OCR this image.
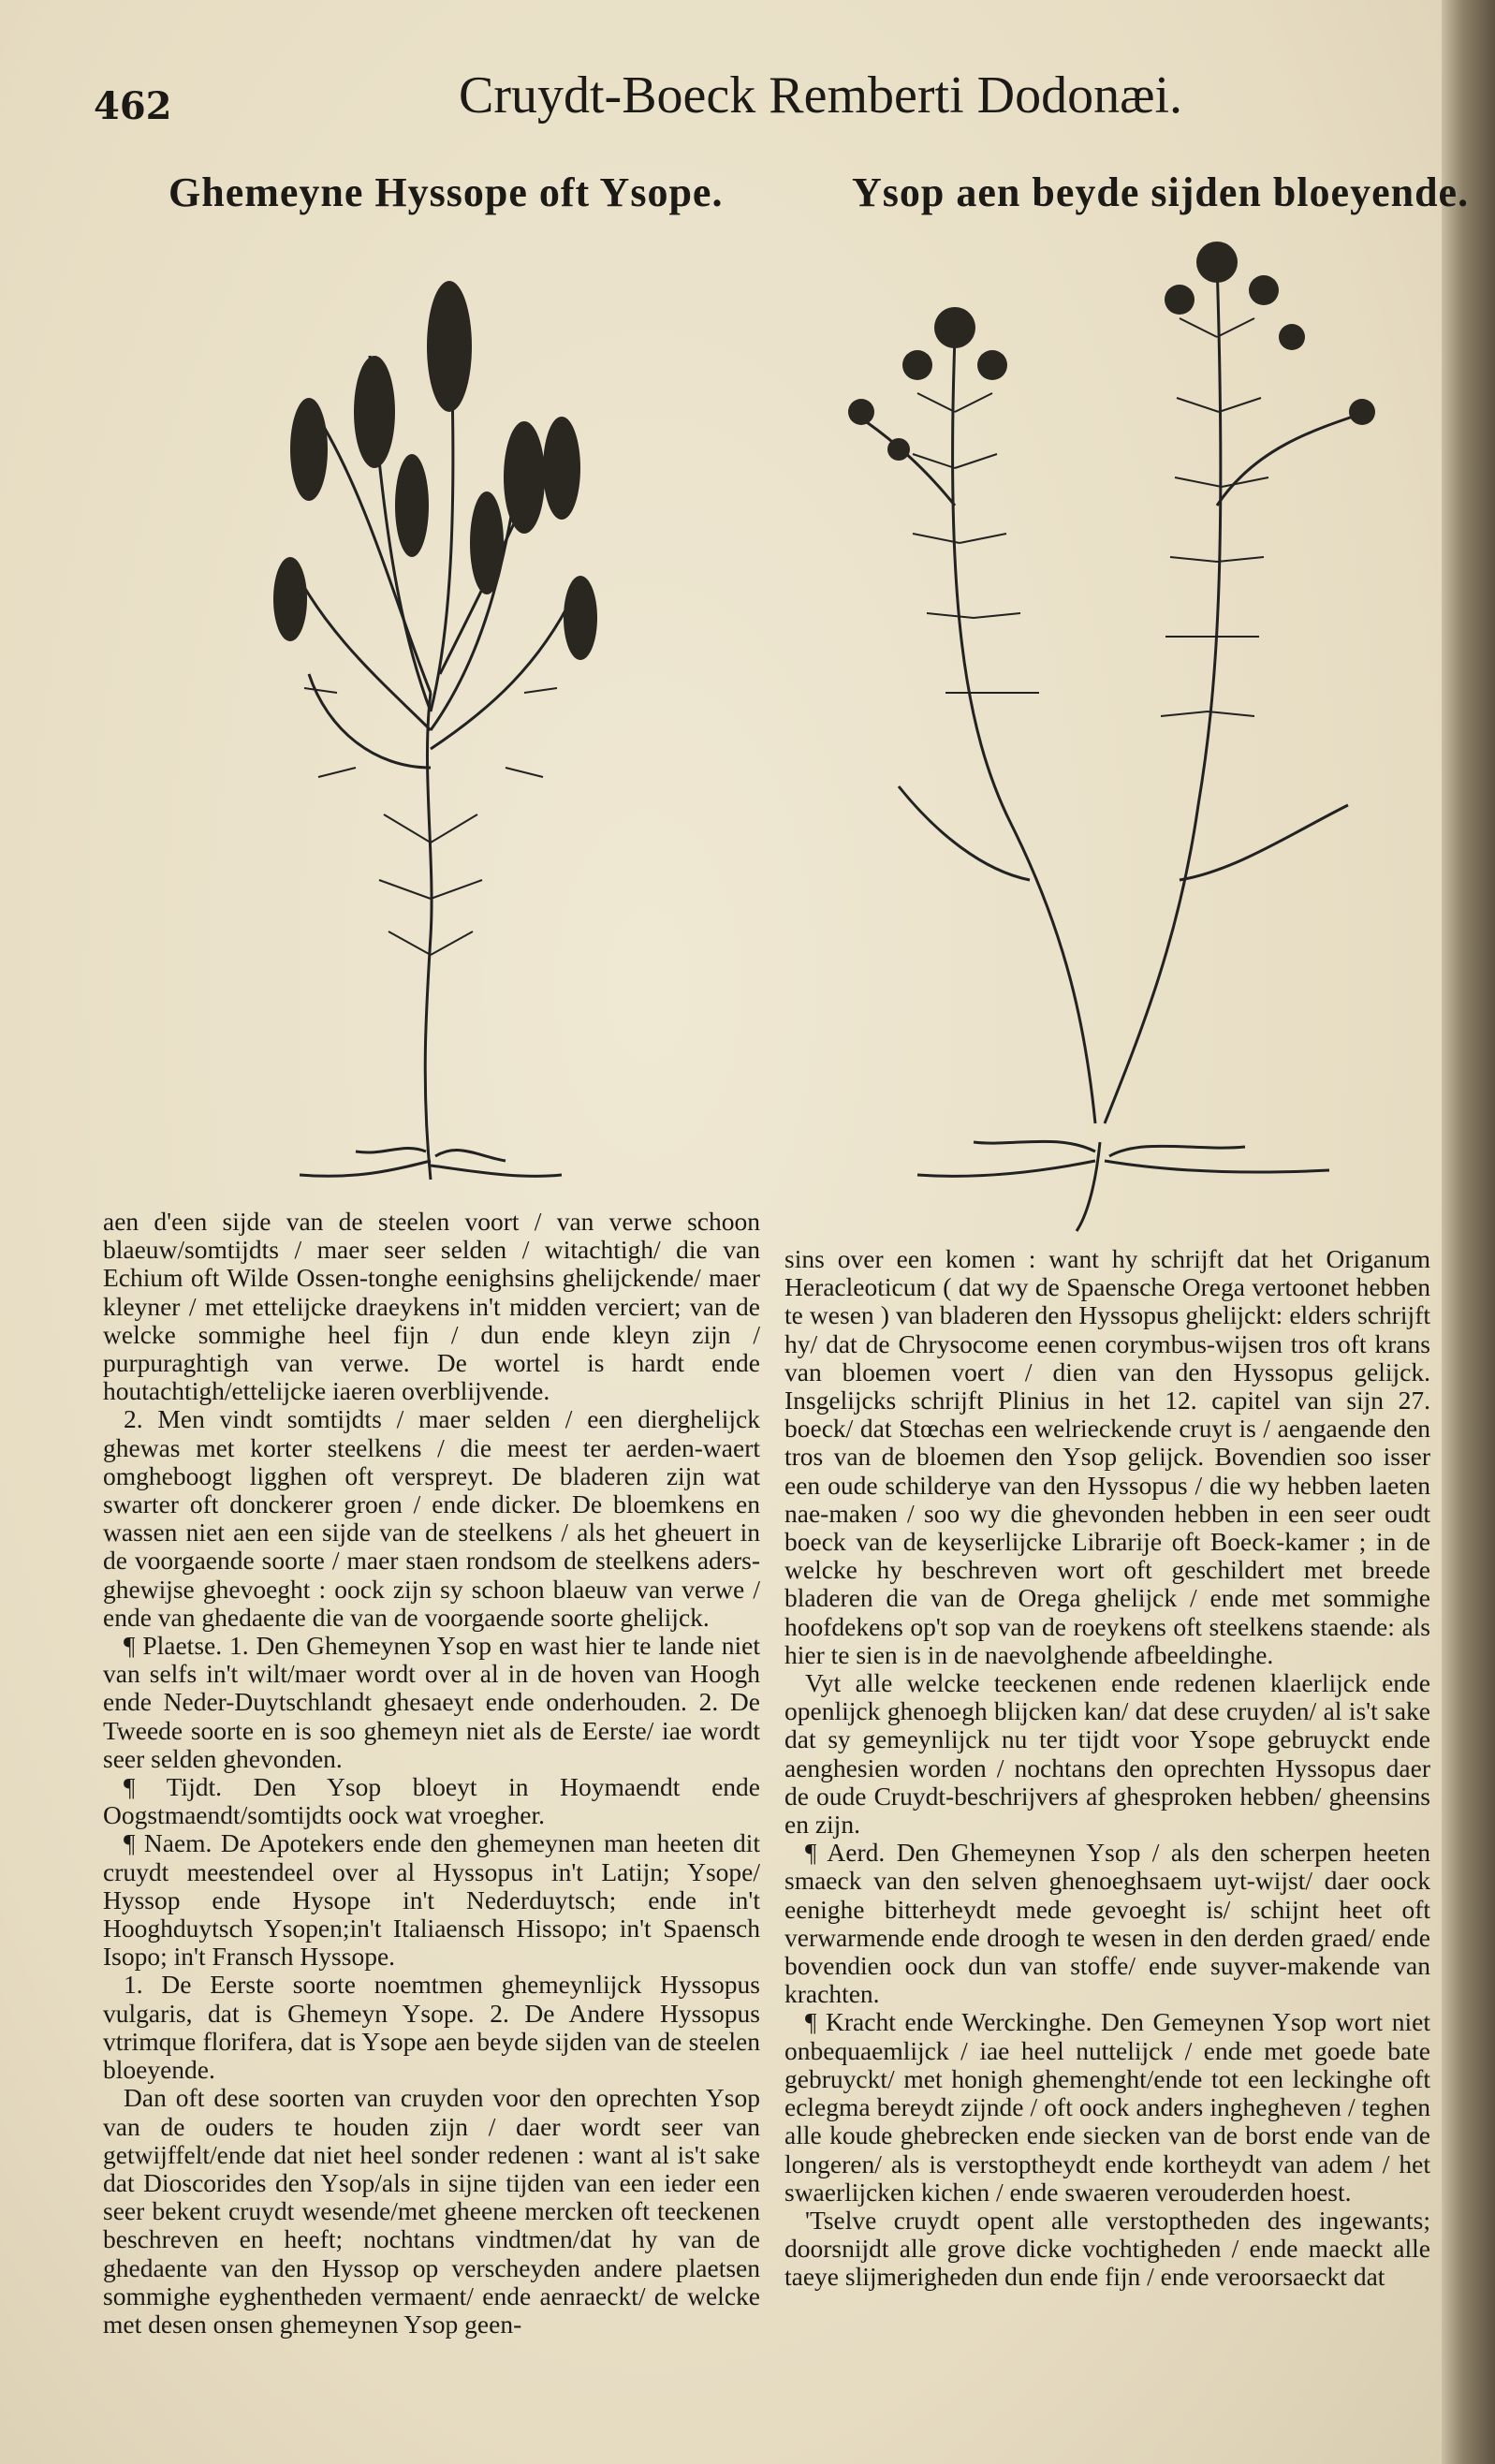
462	Cruydt-Boeck Remberti Dodonæi.
Ghemeyne Hyssope oft Ysope.	Ysop aen beyde sijden bloeyende.

aen d'een sijde van de steelen voort / van verwe schoon blaeuw/somtijdts / maer seer selden / witachtigh/ die van Echium oft Wilde Ossen-tonghe eenighsins ghelijckende/ maer kleyner / met ettelijcke draeykens in't midden verciert; van de welcke sommighe heel fijn / dun ende kleyn zijn / purpuraghtigh van verwe. De wortel is hardt ende houtachtigh/ettelijcke iaeren overblijvende.

2. Men vindt somtijdts / maer selden / een dierghelijck ghewas met korter steelkens / die meest ter aerden-waert omgheboogt ligghen oft verspreyt. De bladeren zijn wat swarter oft donckerer groen / ende dicker. De bloemkens en wassen niet aen een sijde van de steelkens / als het gheuert in de voorgaende soorte / maer staen rondsom de steelkens aders-ghewijse ghevoeght : oock zijn sy schoon blaeuw van verwe / ende van ghedaente die van de voorgaende soorte ghelijck.

¶ Plaetse. 1. Den Ghemeynen Ysop en wast hier te lande niet van selfs in't wilt/maer wordt over al in de hoven van Hoogh ende Neder-Duytschlandt ghesaeyt ende onderhouden. 2. De Tweede soorte en is soo ghemeyn niet als de Eerste/ iae wordt seer selden ghevonden.

¶ Tijdt. Den Ysop bloeyt in Hoymaendt ende Oogstmaendt/somtijdts oock wat vroegher.

¶ Naem. De Apotekers ende den ghemeynen man heeten dit cruydt meestendeel over al Hyssopus in't Latijn; Ysope/ Hyssop ende Hysope in't Nederduytsch; ende in't Hooghduytsch Ysopen;in't Italiaensch Hissopo; in't Spaensch Isopo; in't Fransch Hyssope.

1. De Eerste soorte noemtmen ghemeynlijck Hyssopus vulgaris, dat is Ghemeyn Ysope. 2. De Andere Hyssopus vtrimque florifera, dat is Ysope aen beyde sijden van de steelen bloeyende.

Dan oft dese soorten van cruyden voor den oprechten Ysop van de ouders te houden zijn / daer wordt seer van getwijffelt/ende dat niet heel sonder redenen : want al is't sake dat Dioscorides den Ysop/als in sijne tijden van een ieder een seer bekent cruydt wesende/met gheene mercken oft teeckenen beschreven en heeft; nochtans vindtmen/dat hy van de ghedaente van den Hyssop op verscheyden andere plaetsen sommighe eyghentheden vermaent/ ende aenraeckt/ de welcke met desen onsen ghemeynen Ysop geen-

sins over een komen : want hy schrijft dat het Origanum Heracleoticum ( dat wy de Spaensche Orega vertoonet hebben te wesen ) van bladeren den Hyssopus ghelijckt: elders schrijft hy/ dat de Chrysocome eenen corymbus-wijsen tros oft krans van bloemen voert / dien van den Hyssopus gelijck. Insgelijcks schrijft Plinius in het 12. capitel van sijn 27. boeck/ dat Stœchas een welrieckende cruyt is / aengaende den tros van de bloemen den Ysop gelijck. Bovendien soo isser een oude schilderye van den Hyssopus / die wy hebben laeten nae-maken / soo wy die ghevonden hebben in een seer oudt boeck van de keyserlijcke Librarije oft Boeck-kamer ; in de welcke hy beschreven wort oft geschildert met breede bladeren die van de Orega ghelijck / ende met sommighe hoofdekens op't sop van de roeykens oft steelkens staende: als hier te sien is in de naevolghende afbeeldinghe.

Vyt alle welcke teeckenen ende redenen klaerlijck ende openlijck ghenoegh blijcken kan/ dat dese cruyden/ al is't sake dat sy gemeynlijck nu ter tijdt voor Ysope gebruyckt ende aenghesien worden / nochtans den oprechten Hyssopus daer de oude Cruydt-beschrijvers af ghesproken hebben/ gheensins en zijn.

¶ Aerd. Den Ghemeynen Ysop / als den scherpen heeten smaeck van den selven ghenoeghsaem uyt-wijst/ daer oock eenighe bitterheydt mede gevoeght is/ schijnt heet oft verwarmende ende droogh te wesen in den derden graed/ ende bovendien oock dun van stoffe/ ende suyver-makende van krachten.

¶ Kracht ende Werckinghe. Den Gemeynen Ysop wort niet onbequaemlijck / iae heel nuttelijck / ende met goede bate gebruyckt/ met honigh ghemenght/ende tot een leckinghe oft eclegma bereydt zijnde / oft oock anders inghegheven / teghen alle koude ghebrecken ende siecken van de borst ende van de longeren/ als is verstoptheydt ende kortheydt van adem / het swaerlijcken kichen / ende swaeren verouderden hoest.

'Tselve cruydt opent alle verstoptheden des ingewants; doorsnijdt alle grove dicke vochtigheden / ende maeckt alle taeye slijmerigheden dun ende fijn / ende veroorsaeckt dat
